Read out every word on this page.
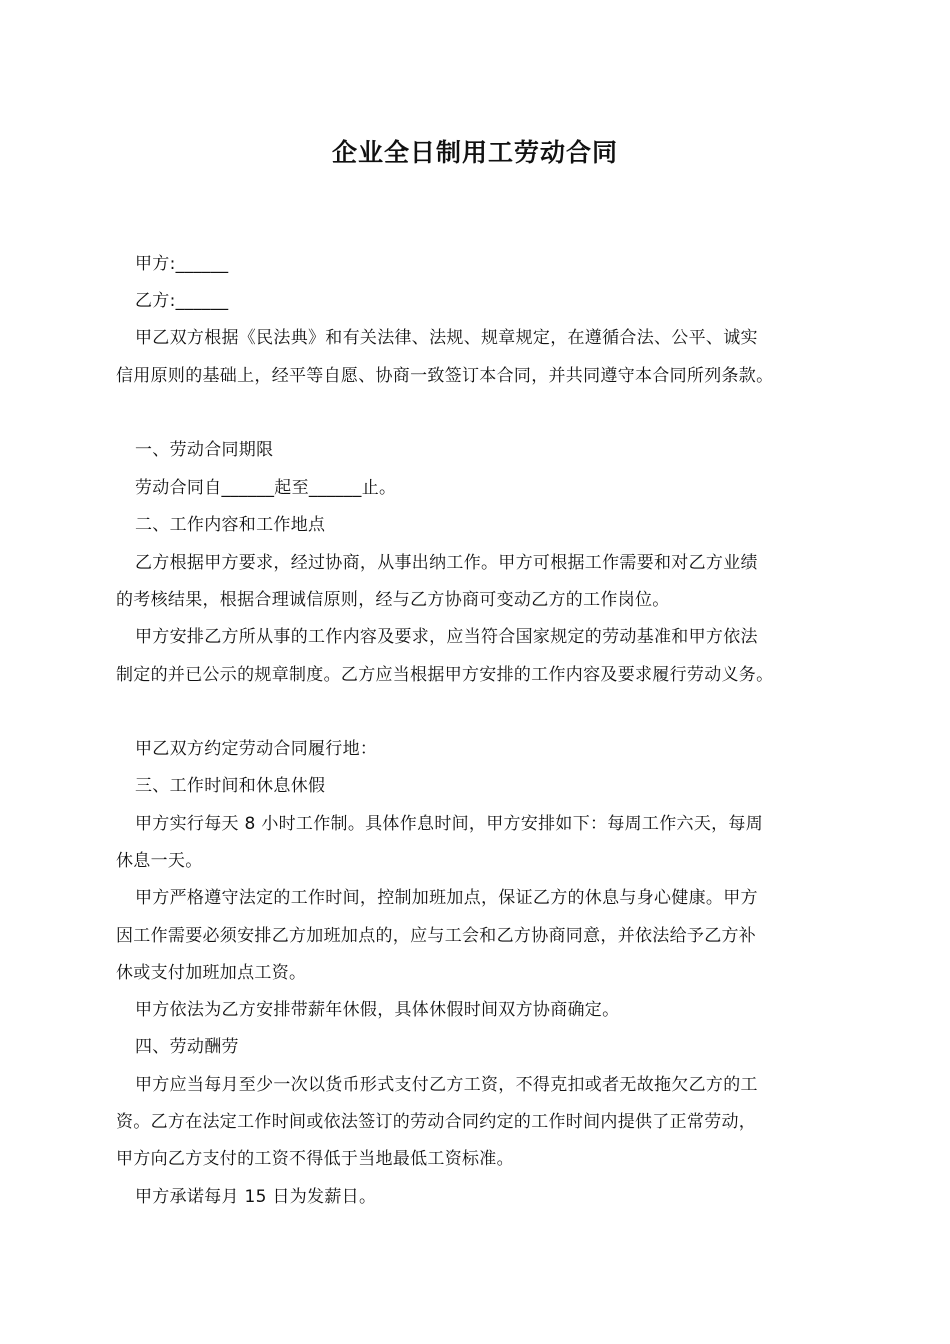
企业全日制用工劳动合同
甲方:______
乙方:______
甲乙双方根据《民法典》和有关法律、法规、规章规定，在遵循合法、公平、诚实
信用原则的基础上，经平等自愿、协商一致签订本合同，并共同遵守本合同所列条款。
一、劳动合同期限
劳动合同自______起至______止。
二、工作内容和工作地点
乙方根据甲方要求，经过协商，从事出纳工作。甲方可根据工作需要和对乙方业绩
的考核结果，根据合理诚信原则，经与乙方协商可变动乙方的工作岗位。
甲方安排乙方所从事的工作内容及要求，应当符合国家规定的劳动基准和甲方依法
制定的并已公示的规章制度。乙方应当根据甲方安排的工作内容及要求履行劳动义务。
甲乙双方约定劳动合同履行地：
三、工作时间和休息休假
甲方实行每天 8 小时工作制。具体作息时间，甲方安排如下：每周工作六天，每周
休息一天。
甲方严格遵守法定的工作时间，控制加班加点，保证乙方的休息与身心健康。甲方
因工作需要必须安排乙方加班加点的，应与工会和乙方协商同意，并依法给予乙方补
休或支付加班加点工资。
甲方依法为乙方安排带薪年休假，具体休假时间双方协商确定。
四、劳动酬劳
甲方应当每月至少一次以货币形式支付乙方工资，不得克扣或者无故拖欠乙方的工
资。乙方在法定工作时间或依法签订的劳动合同约定的工作时间内提供了正常劳动，
甲方向乙方支付的工资不得低于当地最低工资标准。
甲方承诺每月 15 日为发薪日。
